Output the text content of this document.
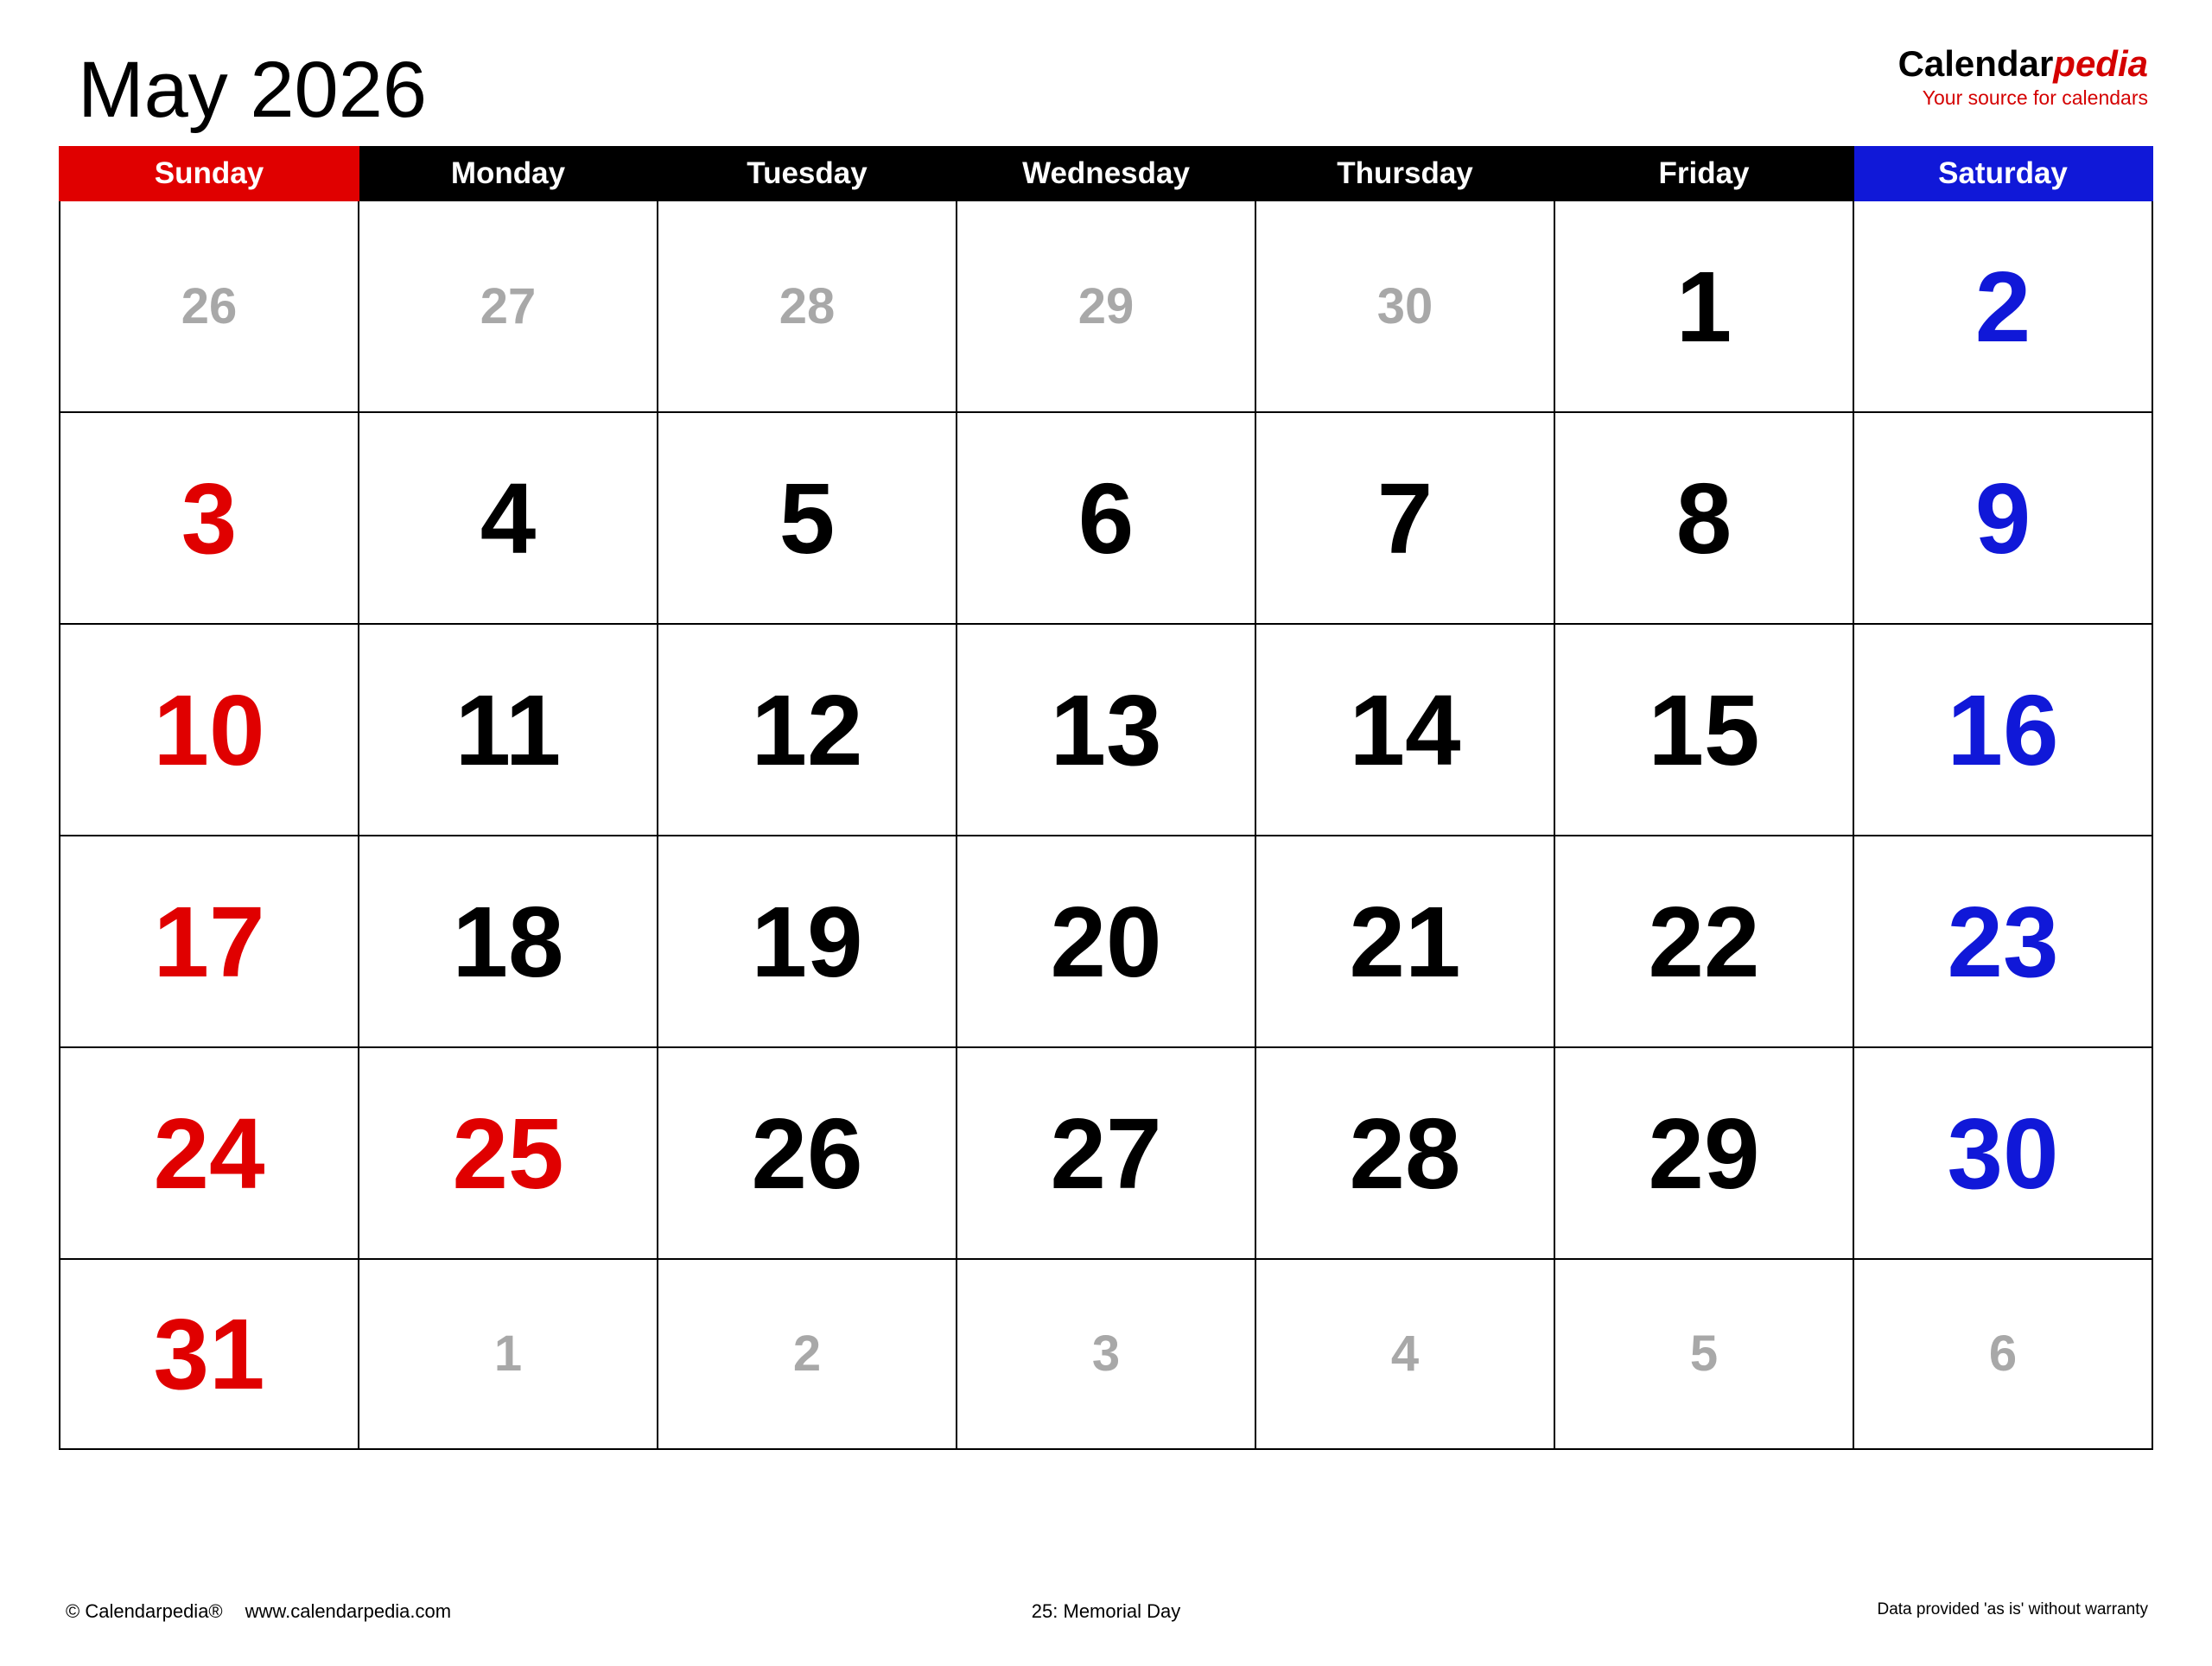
May 2026	Calendarpedia
Your source for calendars
Sunday	Monday	Tuesday	Wednesday	Thursday	Friday	Saturday

26	27	28	29	30	1	2

3	4	5	6	7	8	9

10	11	12	13	14	15	16

17	18	19	20	21	22	23

24	25	26	27	28	29	30

31	1	2	3	4	5	6
© Calendarpedia® www.calendarpedia.com	25: Memorial Day	Data provided 'as is' without warranty
